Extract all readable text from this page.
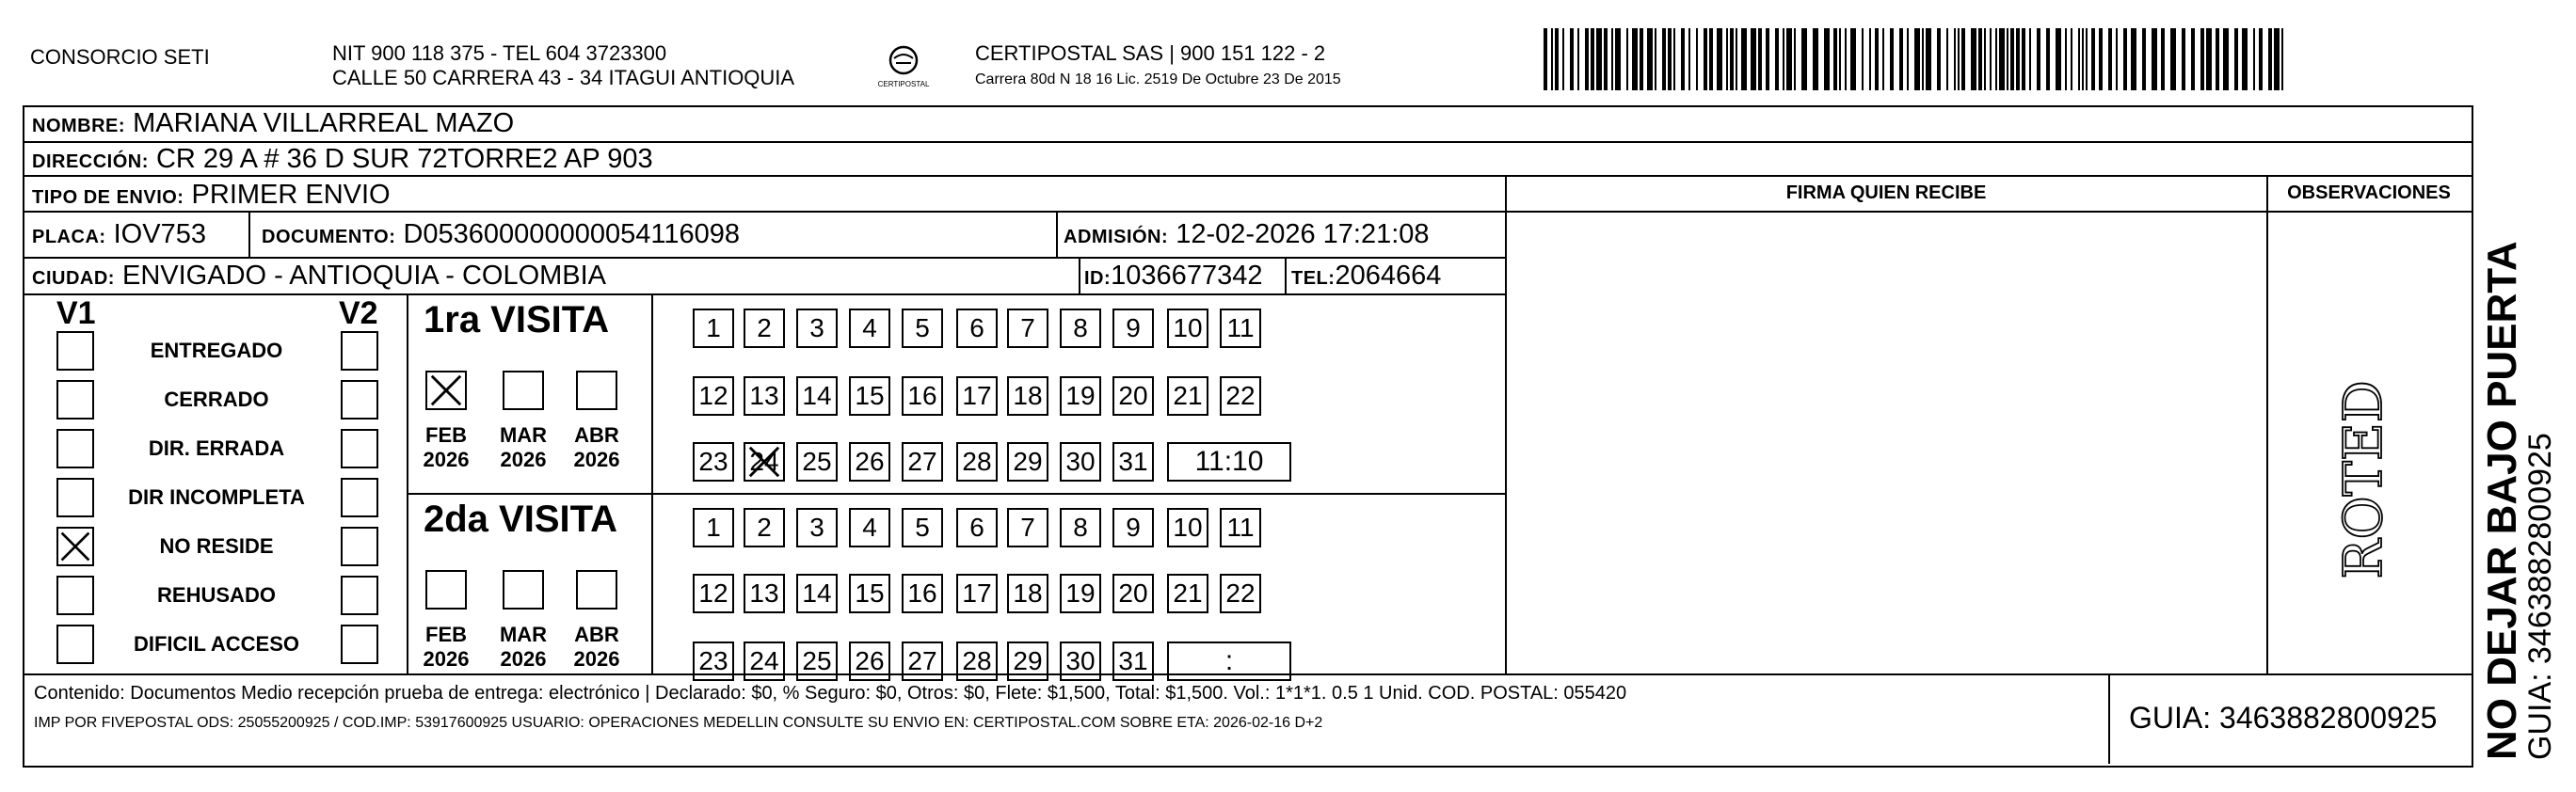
CONSORCIO SETI	NIT 900 118 375 - TEL 604 3723300
CALLE 50 CARRERA 43 - 34 ITAGUI ANTIOQUIA	CERTIPOSTAL
CERTIPOSTAL SAS | 900 151 122 - 2
Carrera 80d N 18 16 Lic. 2519 De Octubre 23 De 2015
NOMBRE: MARIANA VILLARREAL MAZO
DIRECCIÓN: CR 29 A # 36 D SUR 72TORRE2 AP 903
TIPO DE ENVIO: PRIMER ENVIO
PLACA: IOV753	DOCUMENTO: D053600000000054116098	ADMISIÓN: 12-02-2026 17:21:08
CIUDAD: ENVIGADO - ANTIOQUIA - COLOMBIA	ID:1036677342 TEL:2064664
FIRMA QUIEN RECIBE	OBSERVACIONES
ROTED
V1	V2
ENTREGADO
CERRADO
DIR. ERRADA
DIR INCOMPLETA
NO RESIDE
REHUSADO
DIFICIL ACCESO
1ra VISITA
2da VISITA
FEB
2026
MAR
2026
ABR
2026
FEB
2026
MAR
2026
ABR
2026
1	2	3	4	5	6	7	8	9	10 11
12 13 14 15 16 17 18 19 20 21 22
23 24 25 26 27 28 29 30 31	11:10
1	2	3	4	5	6	7	8	9	10 11
12 13 14 15 16 17 18 19 20 21 22
23 24 25 26 27 28 29 30 31	:
Contenido: Documentos Medio recepción prueba de entrega: electrónico | Declarado: $0, % Seguro: $0, Otros: $0, Flete: $1,500, Total: $1,500. Vol.: 1*1*1. 0.5 1 Unid. COD. POSTAL: 055420
IMP POR FIVEPOSTAL ODS: 25055200925 / COD.IMP: 53917600925 USUARIO: OPERACIONES MEDELLIN CONSULTE SU ENVIO EN: CERTIPOSTAL.COM SOBRE ETA: 2026-02-16 D+2	GUIA: 3463882800925 NO DEJAR BAJO PUERTA
GUIA: 3463882800925
